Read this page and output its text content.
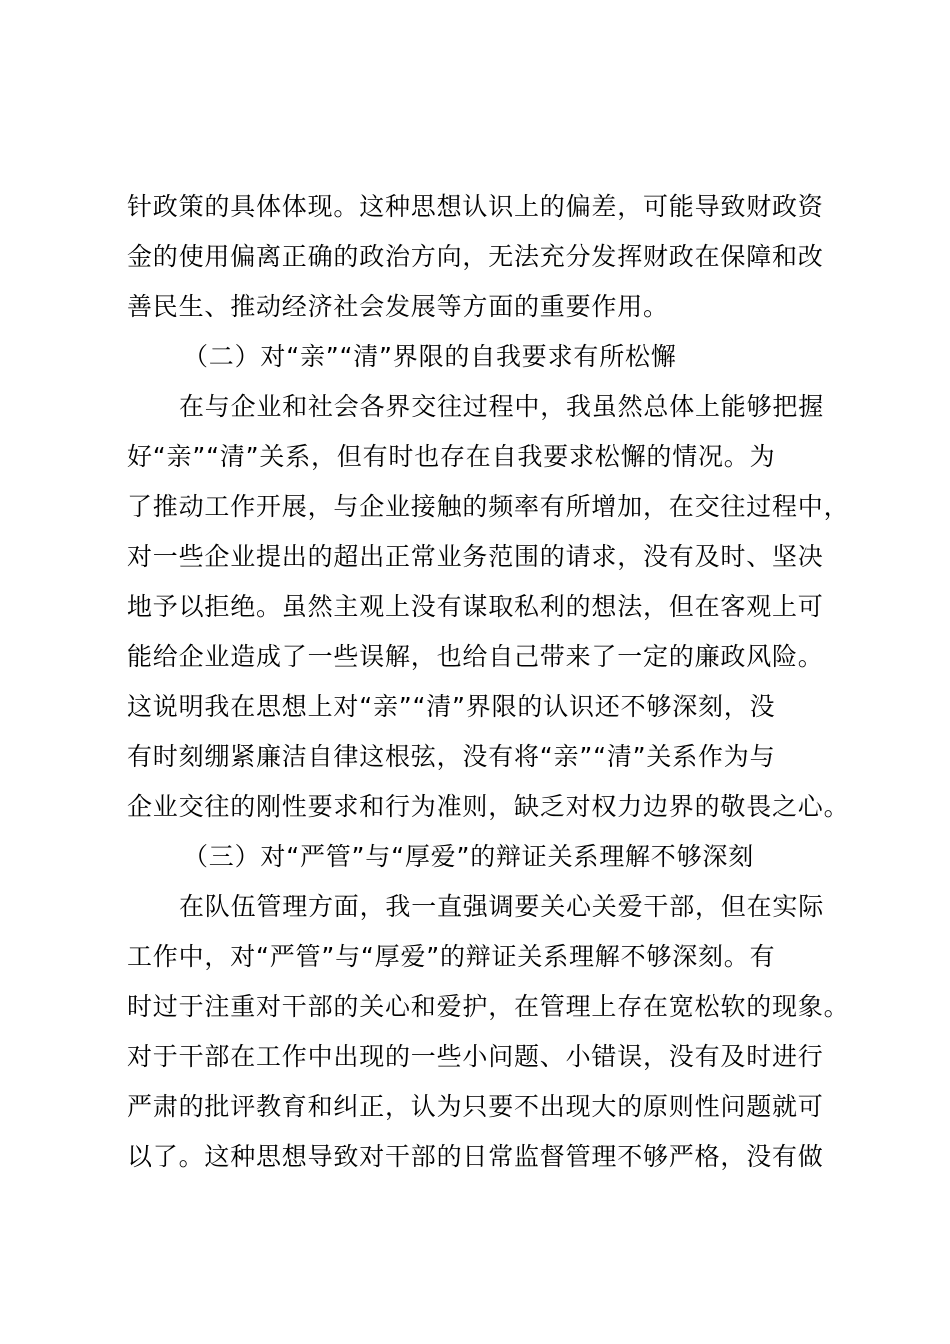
针政策的具体体现。这种思想认识上的偏差，可能导致财政资
金的使用偏离正确的政治方向，无法充分发挥财政在保障和改
善民生、推动经济社会发展等方面的重要作用。
（二）对“亲”“清”界限的自我要求有所松懈
在与企业和社会各界交往过程中，我虽然总体上能够把握
好“亲”“清”关系，但有时也存在自我要求松懈的情况。为
了推动工作开展，与企业接触的频率有所增加，在交往过程中，
对一些企业提出的超出正常业务范围的请求，没有及时、坚决
地予以拒绝。虽然主观上没有谋取私利的想法，但在客观上可
能给企业造成了一些误解，也给自己带来了一定的廉政风险。
这说明我在思想上对“亲”“清”界限的认识还不够深刻，没
有时刻绷紧廉洁自律这根弦，没有将“亲”“清”关系作为与
企业交往的刚性要求和行为准则，缺乏对权力边界的敬畏之心。
（三）对“严管”与“厚爱”的辩证关系理解不够深刻
在队伍管理方面，我一直强调要关心关爱干部，但在实际
工作中，对“严管”与“厚爱”的辩证关系理解不够深刻。有
时过于注重对干部的关心和爱护，在管理上存在宽松软的现象。
对于干部在工作中出现的一些小问题、小错误，没有及时进行
严肃的批评教育和纠正，认为只要不出现大的原则性问题就可
以了。这种思想导致对干部的日常监督管理不够严格，没有做
